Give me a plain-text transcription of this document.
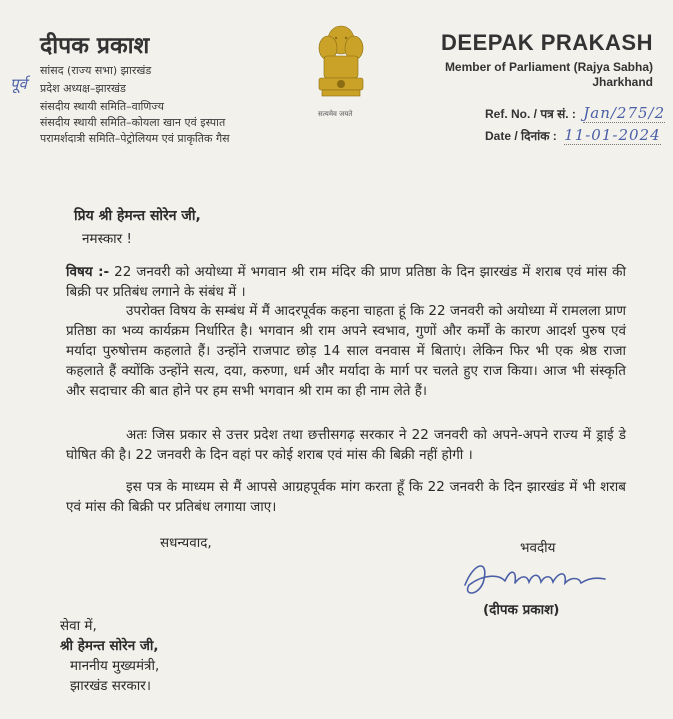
दीपक प्रकाश
सांसद (राज्य सभा) झारखंड
पूर्व प्रदेश अध्यक्ष–झारखंड
संसदीय स्थायी समिति–वाणिज्य
संसदीय स्थायी समिति–कोयला खान एवं इस्पात
परामर्शदात्री समिति–पेट्रोलियम एवं प्राकृतिक गैस
सत्यमेव जयते
DEEPAK PRAKASH
Member of Parliament (Rajya Sabha)
Jharkhand
Ref. No. / पत्र सं. : Jan/275/2
Date / दिनांक : 11-01-2024
प्रिय श्री हेमन्त सोरेन जी,
नमस्कार !

विषय :- 22 जनवरी को अयोध्या में भगवान श्री राम मंदिर की प्राण प्रतिष्ठा के दिन झारखंड में शराब एवं मांस की बिक्री पर प्रतिबंध लगाने के संबंध में ।

उपरोक्त विषय के सम्बंध में मैं आदरपूर्वक कहना चाहता हूं कि 22 जनवरी को अयोध्या में रामलला प्राण प्रतिष्ठा का भव्य कार्यक्रम निर्धारित है। भगवान श्री राम अपने स्वभाव, गुणों और कर्मों के कारण आदर्श पुरुष एवं मर्यादा पुरुषोत्तम कहलाते हैं। उन्होंने राजपाट छोड़ 14 साल वनवास में बिताएं। लेकिन फिर भी एक श्रेष्ठ राजा कहलाते हैं क्योंकि उन्होंने सत्य, दया, करुणा, धर्म और मर्यादा के मार्ग पर चलते हुए राज किया। आज भी संस्कृति और सदाचार की बात होने पर हम सभी भगवान श्री राम का ही नाम लेते हैं।

अतः जिस प्रकार से उत्तर प्रदेश तथा छत्तीसगढ़ सरकार ने 22 जनवरी को अपने-अपने राज्य में ड्राई डे घोषित की है। 22 जनवरी के दिन वहां पर कोई शराब एवं मांस की बिक्री नहीं होगी ।

इस पत्र के माध्यम से मैं आपसे आग्रहपूर्वक मांग करता हूँ कि 22 जनवरी के दिन झारखंड में भी शराब एवं मांस की बिक्री पर प्रतिबंध लगाया जाए।

सधन्यवाद,	भवदीय
(दीपक प्रकाश)
सेवा में,
श्री हेमन्त सोरेन जी,
माननीय मुख्यमंत्री,
झारखंड सरकार।
